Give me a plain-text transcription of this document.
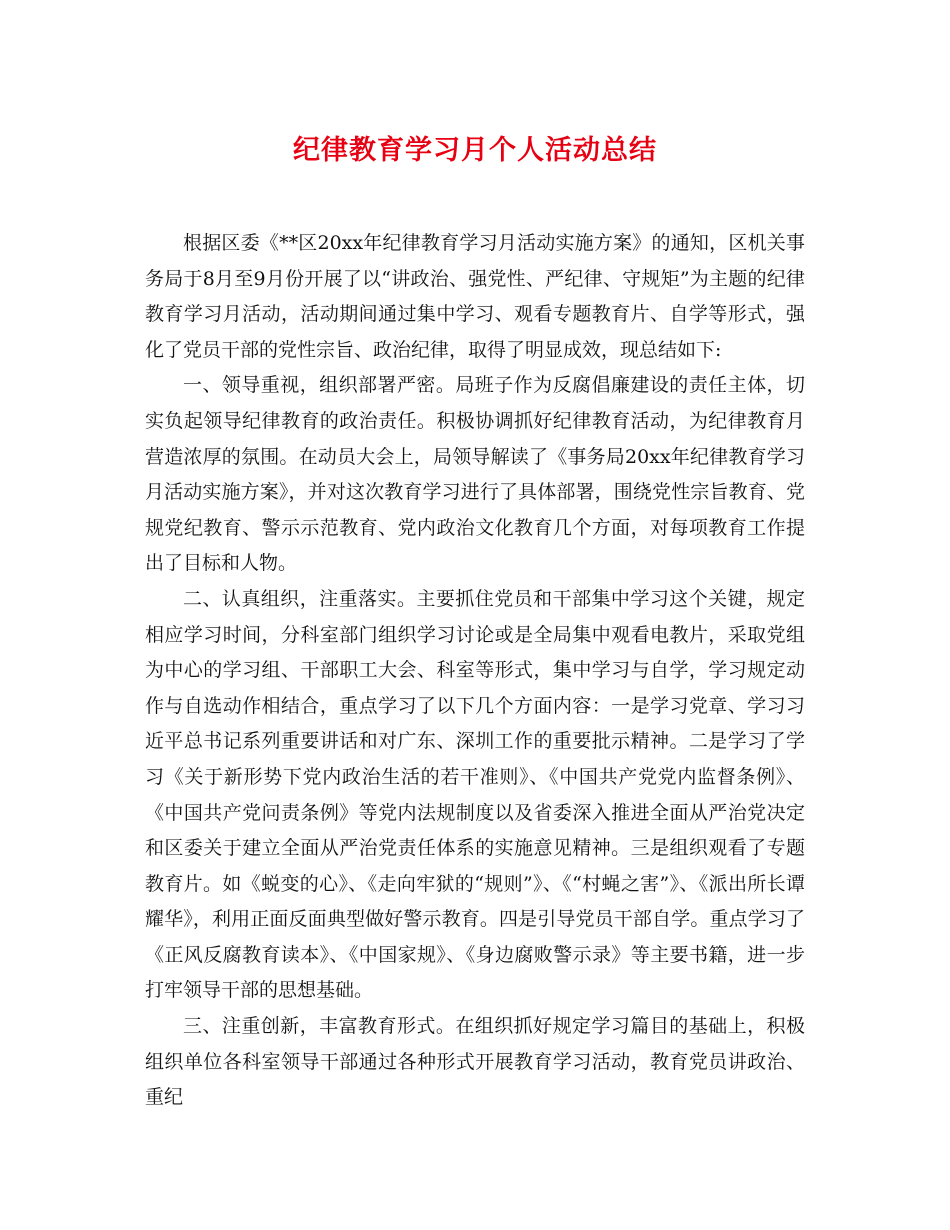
纪律教育学习月个人活动总结

根据区委《**区20xx年纪律教育学习月活动实施方案》的通知，区机关事务局于8月至9月份开展了以“讲政治、强党性、严纪律、守规矩”为主题的纪律教育学习月活动，活动期间通过集中学习、观看专题教育片、自学等形式，强化了党员干部的党性宗旨、政治纪律，取得了明显成效，现总结如下:

一、领导重视，组织部署严密。局班子作为反腐倡廉建设的责任主体，切实负起领导纪律教育的政治责任。积极协调抓好纪律教育活动，为纪律教育月营造浓厚的氛围。在动员大会上，局领导解读了《事务局20xx年纪律教育学习月活动实施方案》，并对这次教育学习进行了具体部署，围绕党性宗旨教育、党规党纪教育、警示示范教育、党内政治文化教育几个方面，对每项教育工作提出了目标和人物。

二、认真组织，注重落实。主要抓住党员和干部集中学习这个关键，规定相应学习时间，分科室部门组织学习讨论或是全局集中观看电教片，采取党组为中心的学习组、干部职工大会、科室等形式，集中学习与自学，学习规定动作与自选动作相结合，重点学习了以下几个方面内容：一是学习党章、学习习近平总书记系列重要讲话和对广东、深圳工作的重要批示精神。二是学习了学习《关于新形势下党内政治生活的若干准则》、《中国共产党党内监督条例》、《中国共产党问责条例》等党内法规制度以及省委深入推进全面从严治党决定和区委关于建立全面从严治党责任体系的实施意见精神。三是组织观看了专题教育片。如《蜕变的心》、《走向牢狱的“规则”》、《“村蝇之害”》、《派出所长谭耀华》，利用正面反面典型做好警示教育。四是引导党员干部自学。重点学习了《正风反腐教育读本》、《中国家规》、《身边腐败警示录》等主要书籍，进一步打牢领导干部的思想基础。

三、注重创新，丰富教育形式。在组织抓好规定学习篇目的基础上，积极组织单位各科室领导干部通过各种形式开展教育学习活动，教育党员讲政治、重纪
